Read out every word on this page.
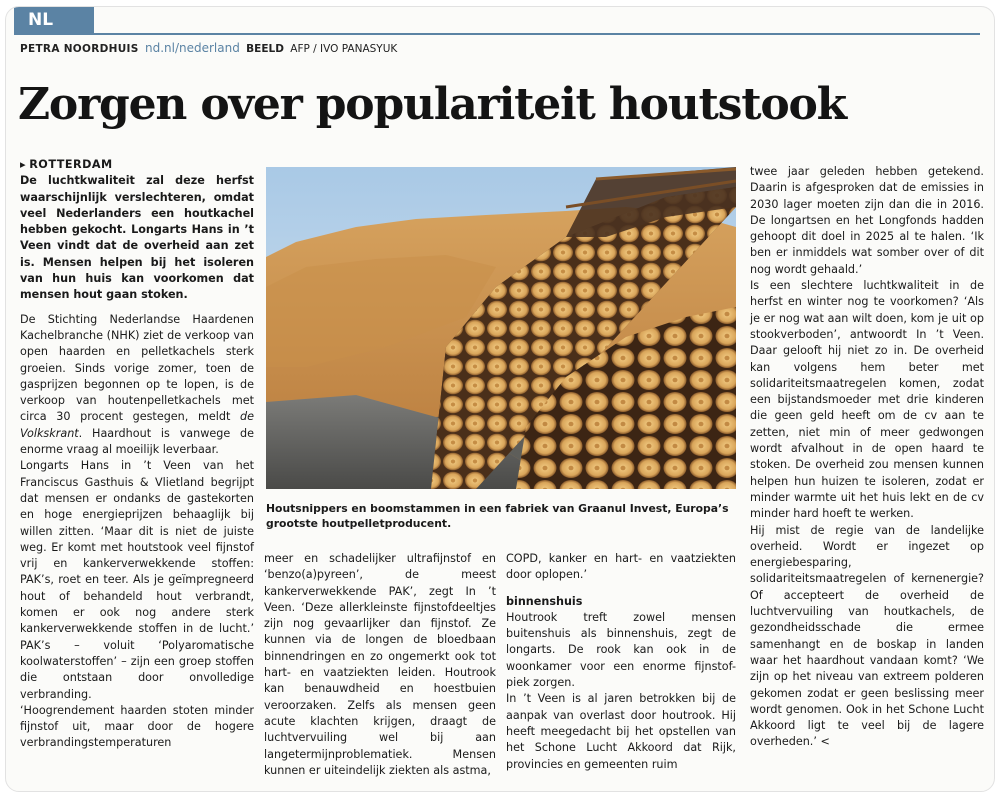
NL
PETRA NOORDHUIS nd.nl/nederland BEELD AFP / IVO PANASYUK
Zorgen over populariteit houtstook

▸ ROTTERDAM

De luchtkwaliteit zal deze herfst waarschijnlijk verslechteren, omdat veel Nederlanders een houtkachel hebben gekocht. Longarts Hans in ’t Veen vindt dat de overheid aan zet is. Mensen helpen bij het isoleren van hun huis kan voorkomen dat mensen hout gaan stoken.

De Stichting Nederlandse Haardenen Kachelbranche (NHK) ziet de verkoop van open haarden en pelletkachels sterk groeien. Sinds vorige zomer, toen de gasprijzen begonnen op te lopen, is de verkoop van houtenpelletkachels met circa 30 procent gestegen, meldt de Volkskrant. Haardhout is vanwege de enorme vraag al moeilijk leverbaar.

Longarts Hans in ’t Veen van het Franciscus Gasthuis & Vlietland begrijpt dat mensen er ondanks de gastekorten en hoge energieprijzen behaaglijk bij willen zitten. ‘Maar dit is niet de juiste weg. Er komt met houtstook veel fijnstof vrij en kankerverwekkende stoffen: PAK’s, roet en teer. Als je geïmpregneerd hout of behandeld hout verbrandt, komen er ook nog andere sterk kankerverwekkende stoffen in de lucht.’ PAK’s – voluit ‘Polyaromatische koolwaterstoffen’ – zijn een groep stoffen die ontstaan door onvolledige verbranding.

‘Hoogrendement haarden stoten minder fijnstof uit, maar door de hogere verbrandingstemperaturen

Houtsnippers en boomstammen in een fabriek van Graanul Invest, Europa’s grootste houtpelletproducent.

meer en schadelijker ultrafijnstof en ‘benzo(a)pyreen’, de meest kankerverwekkende PAK’, zegt In ’t Veen. ‘Deze allerkleinste fijnstofdeeltjes zijn nog gevaarlijker dan fijnstof. Ze kunnen via de longen de bloedbaan binnendringen en zo ongemerkt ook tot hart- en vaatziekten leiden. Houtrook kan benauwdheid en hoestbuien veroorzaken. Zelfs als mensen geen acute klachten krijgen, draagt de luchtvervuiling wel bij aan langetermijnproblematiek. Mensen kunnen er uiteindelijk ziekten als astma,

COPD, kanker en hart- en vaatziekten door oplopen.’

binnenshuis

Houtrook treft zowel mensen buitenshuis als binnenshuis, zegt de longarts. De rook kan ook in de woonkamer voor een enorme fijnstof-piek zorgen.

In ’t Veen is al jaren betrokken bij de aanpak van overlast door houtrook. Hij heeft meegedacht bij het opstellen van het Schone Lucht Akkoord dat Rijk, provincies en gemeenten ruim

twee jaar geleden hebben getekend. Daarin is afgesproken dat de emissies in 2030 lager moeten zijn dan die in 2016. De longartsen en het Longfonds hadden gehoopt dit doel in 2025 al te halen. ‘Ik ben er inmiddels wat somber over of dit nog wordt gehaald.’

Is een slechtere luchtkwaliteit in de herfst en winter nog te voorkomen? ‘Als je er nog wat aan wilt doen, kom je uit op stookverboden’, antwoordt In ’t Veen. Daar gelooft hij niet zo in. De overheid kan volgens hem beter met solidariteitsmaatregelen komen, zodat een bijstandsmoeder met drie kinderen die geen geld heeft om de cv aan te zetten, niet min of meer gedwongen wordt afvalhout in de open haard te stoken. De overheid zou mensen kunnen helpen hun huizen te isoleren, zodat er minder warmte uit het huis lekt en de cv minder hard hoeft te werken.

Hij mist de regie van de landelijke overheid. Wordt er ingezet op energiebesparing, solidariteitsmaatregelen of kernenergie? Of accepteert de overheid de luchtvervuiling van houtkachels, de gezondheidsschade die ermee samenhangt en de boskap in landen waar het haardhout vandaan komt? ‘We zijn op het niveau van extreem polderen gekomen zodat er geen beslissing meer wordt genomen. Ook in het Schone Lucht Akkoord ligt te veel bij de lagere overheden.’ <
